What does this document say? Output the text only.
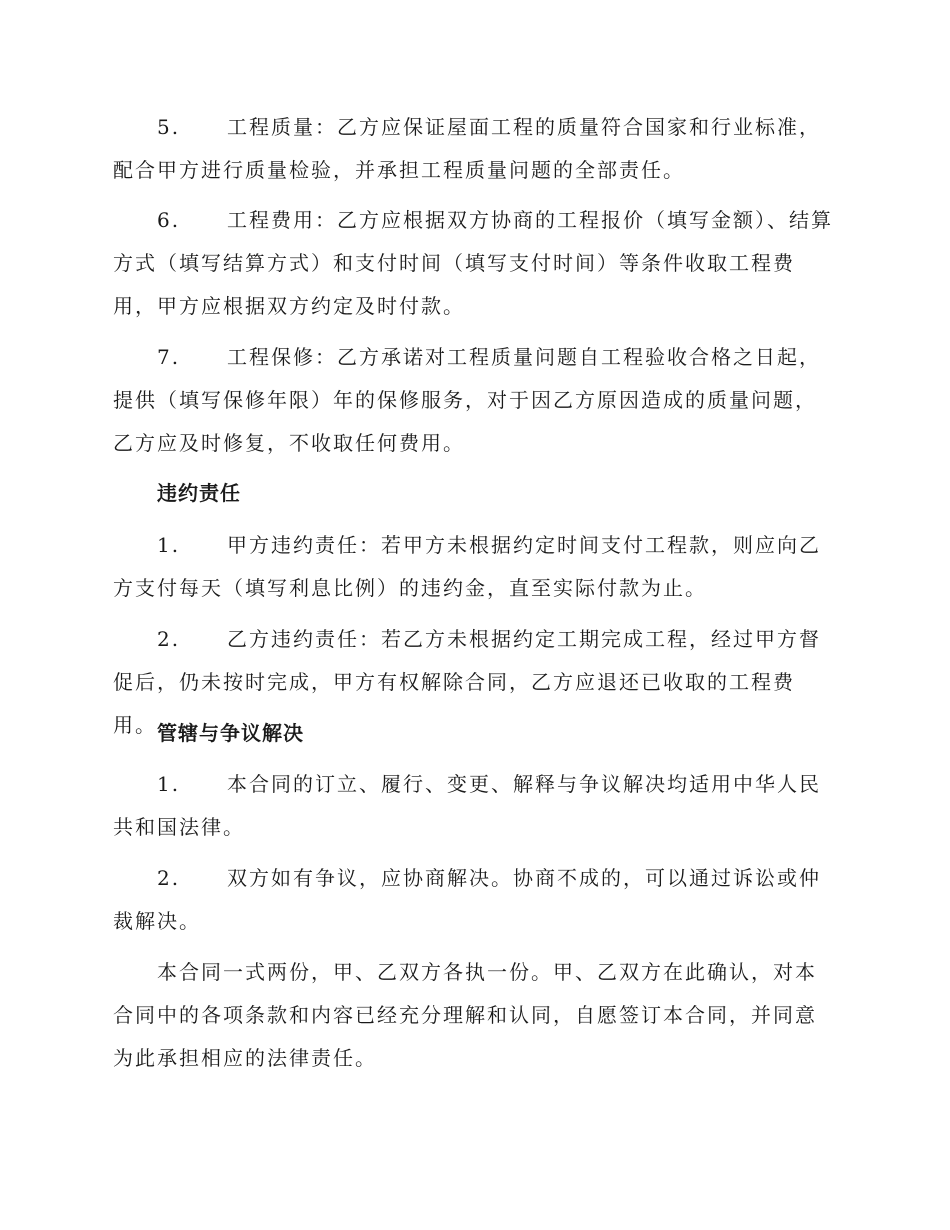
5. 工程质量：乙方应保证屋面工程的质量符合国家和行业标准，配合甲方进行质量检验，并承担工程质量问题的全部责任。

6. 工程费用：乙方应根据双方协商的工程报价（填写金额）、结算方式（填写结算方式）和支付时间（填写支付时间）等条件收取工程费用，甲方应根据双方约定及时付款。

7. 工程保修：乙方承诺对工程质量问题自工程验收合格之日起，提供（填写保修年限）年的保修服务，对于因乙方原因造成的质量问题，乙方应及时修复，不收取任何费用。

违约责任

1. 甲方违约责任：若甲方未根据约定时间支付工程款，则应向乙方支付每天（填写利息比例）的违约金，直至实际付款为止。

2. 乙方违约责任：若乙方未根据约定工期完成工程，经过甲方督促后，仍未按时完成，甲方有权解除合同，乙方应退还已收取的工程费用。 管辖与争议解决

1. 本合同的订立、履行、变更、解释与争议解决均适用中华人民共和国法律。

2. 双方如有争议，应协商解决。协商不成的，可以通过诉讼或仲裁解决。

本合同一式两份，甲、乙双方各执一份。甲、乙双方在此确认，对本合同中的各项条款和内容已经充分理解和认同，自愿签订本合同，并同意为此承担相应的法律责任。
